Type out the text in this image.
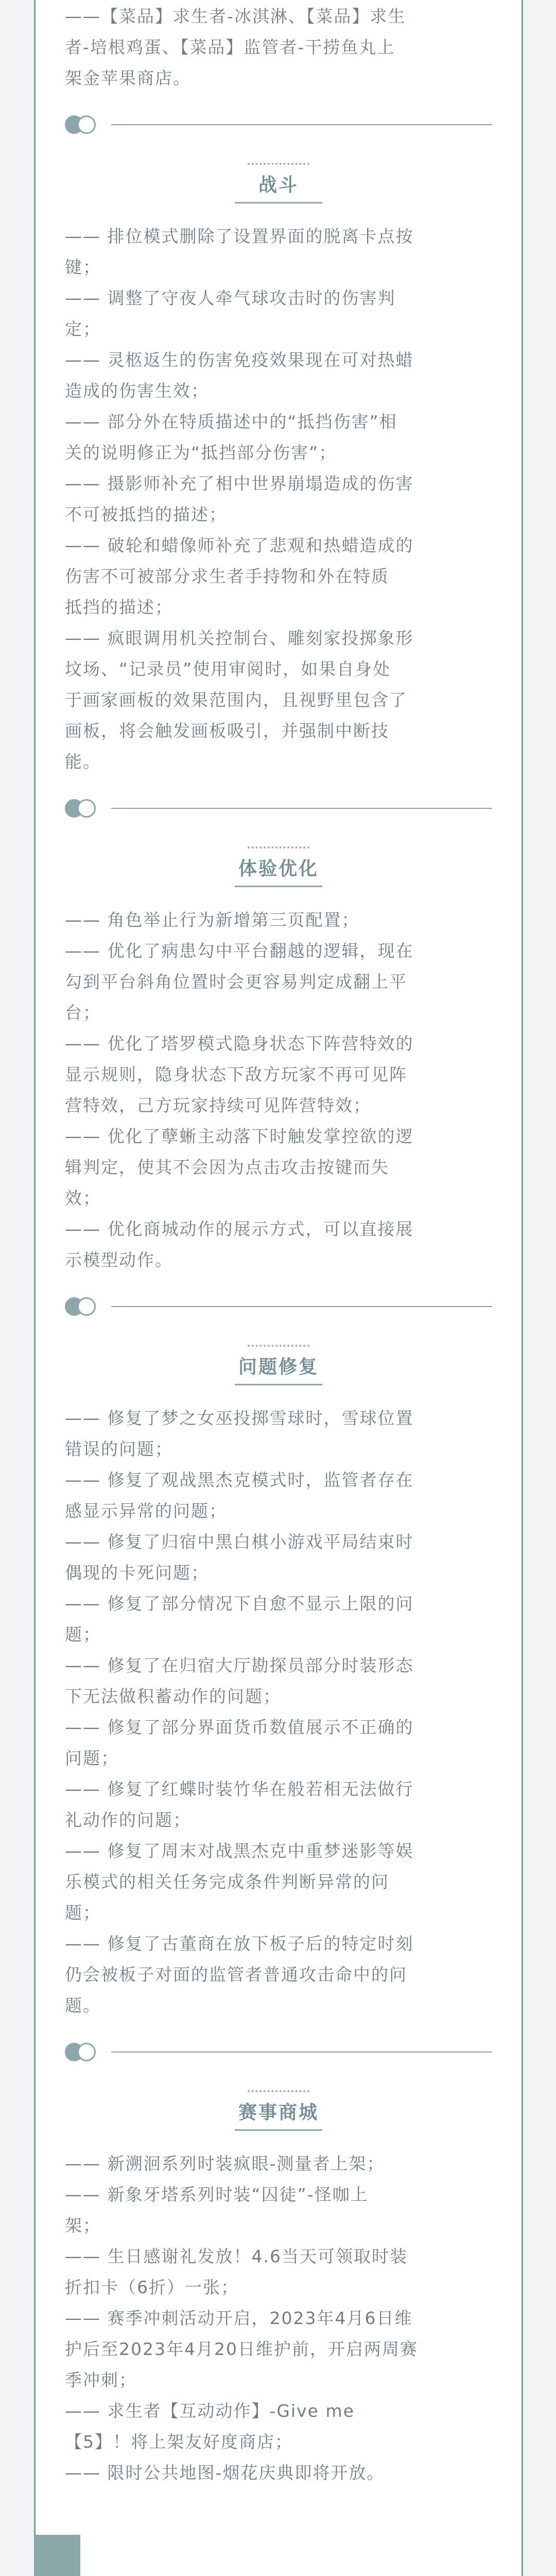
——【菜品】求生者-冰淇淋、【菜品】求生
者-培根鸡蛋、【菜品】监管者-干捞鱼丸上
架金苹果商店。

战斗
—— 排位模式删除了设置界面的脱离卡点按
键；
—— 调整了守夜人牵气球攻击时的伤害判
定；
—— 灵柩返生的伤害免疫效果现在可对热蜡
造成的伤害生效；
—— 部分外在特质描述中的“抵挡伤害”相
关的说明修正为“抵挡部分伤害”；
—— 摄影师补充了相中世界崩塌造成的伤害
不可被抵挡的描述；
—— 破轮和蜡像师补充了悲观和热蜡造成的
伤害不可被部分求生者手持物和外在特质
抵挡的描述；
—— 疯眼调用机关控制台、雕刻家投掷象形
坟场、“记录员”使用审阅时，如果自身处
于画家画板的效果范围内，且视野里包含了
画板，将会触发画板吸引，并强制中断技
能。

体验优化
—— 角色举止行为新增第三页配置；
—— 优化了病患勾中平台翻越的逻辑，现在
勾到平台斜角位置时会更容易判定成翻上平
台；
—— 优化了塔罗模式隐身状态下阵营特效的
显示规则，隐身状态下敌方玩家不再可见阵
营特效，己方玩家持续可见阵营特效；
—— 优化了孽蜥主动落下时触发掌控欲的逻
辑判定，使其不会因为点击攻击按键而失
效；
—— 优化商城动作的展示方式，可以直接展
示模型动作。

问题修复
—— 修复了梦之女巫投掷雪球时，雪球位置
错误的问题；
—— 修复了观战黑杰克模式时，监管者存在
感显示异常的问题；
—— 修复了归宿中黑白棋小游戏平局结束时
偶现的卡死问题；
—— 修复了部分情况下自愈不显示上限的问
题；
—— 修复了在归宿大厅勘探员部分时装形态
下无法做积蓄动作的问题；
—— 修复了部分界面货币数值展示不正确的
问题；
—— 修复了红蝶时装竹华在般若相无法做行
礼动作的问题；
—— 修复了周末对战黑杰克中重梦迷影等娱
乐模式的相关任务完成条件判断异常的问
题；
—— 修复了古董商在放下板子后的特定时刻
仍会被板子对面的监管者普通攻击命中的问
题。

赛事商城
—— 新溯洄系列时装疯眼-测量者上架；
—— 新象牙塔系列时装“囚徒”-怪咖上
架；
—— 生日感谢礼发放！4.6当天可领取时装
折扣卡（6折）一张；
—— 赛季冲刺活动开启，2023年4月6日维
护后至2023年4月20日维护前，开启两周赛
季冲刺；
—— 求生者【互动动作】-Give me
【5】！将上架友好度商店；
—— 限时公共地图-烟花庆典即将开放。
